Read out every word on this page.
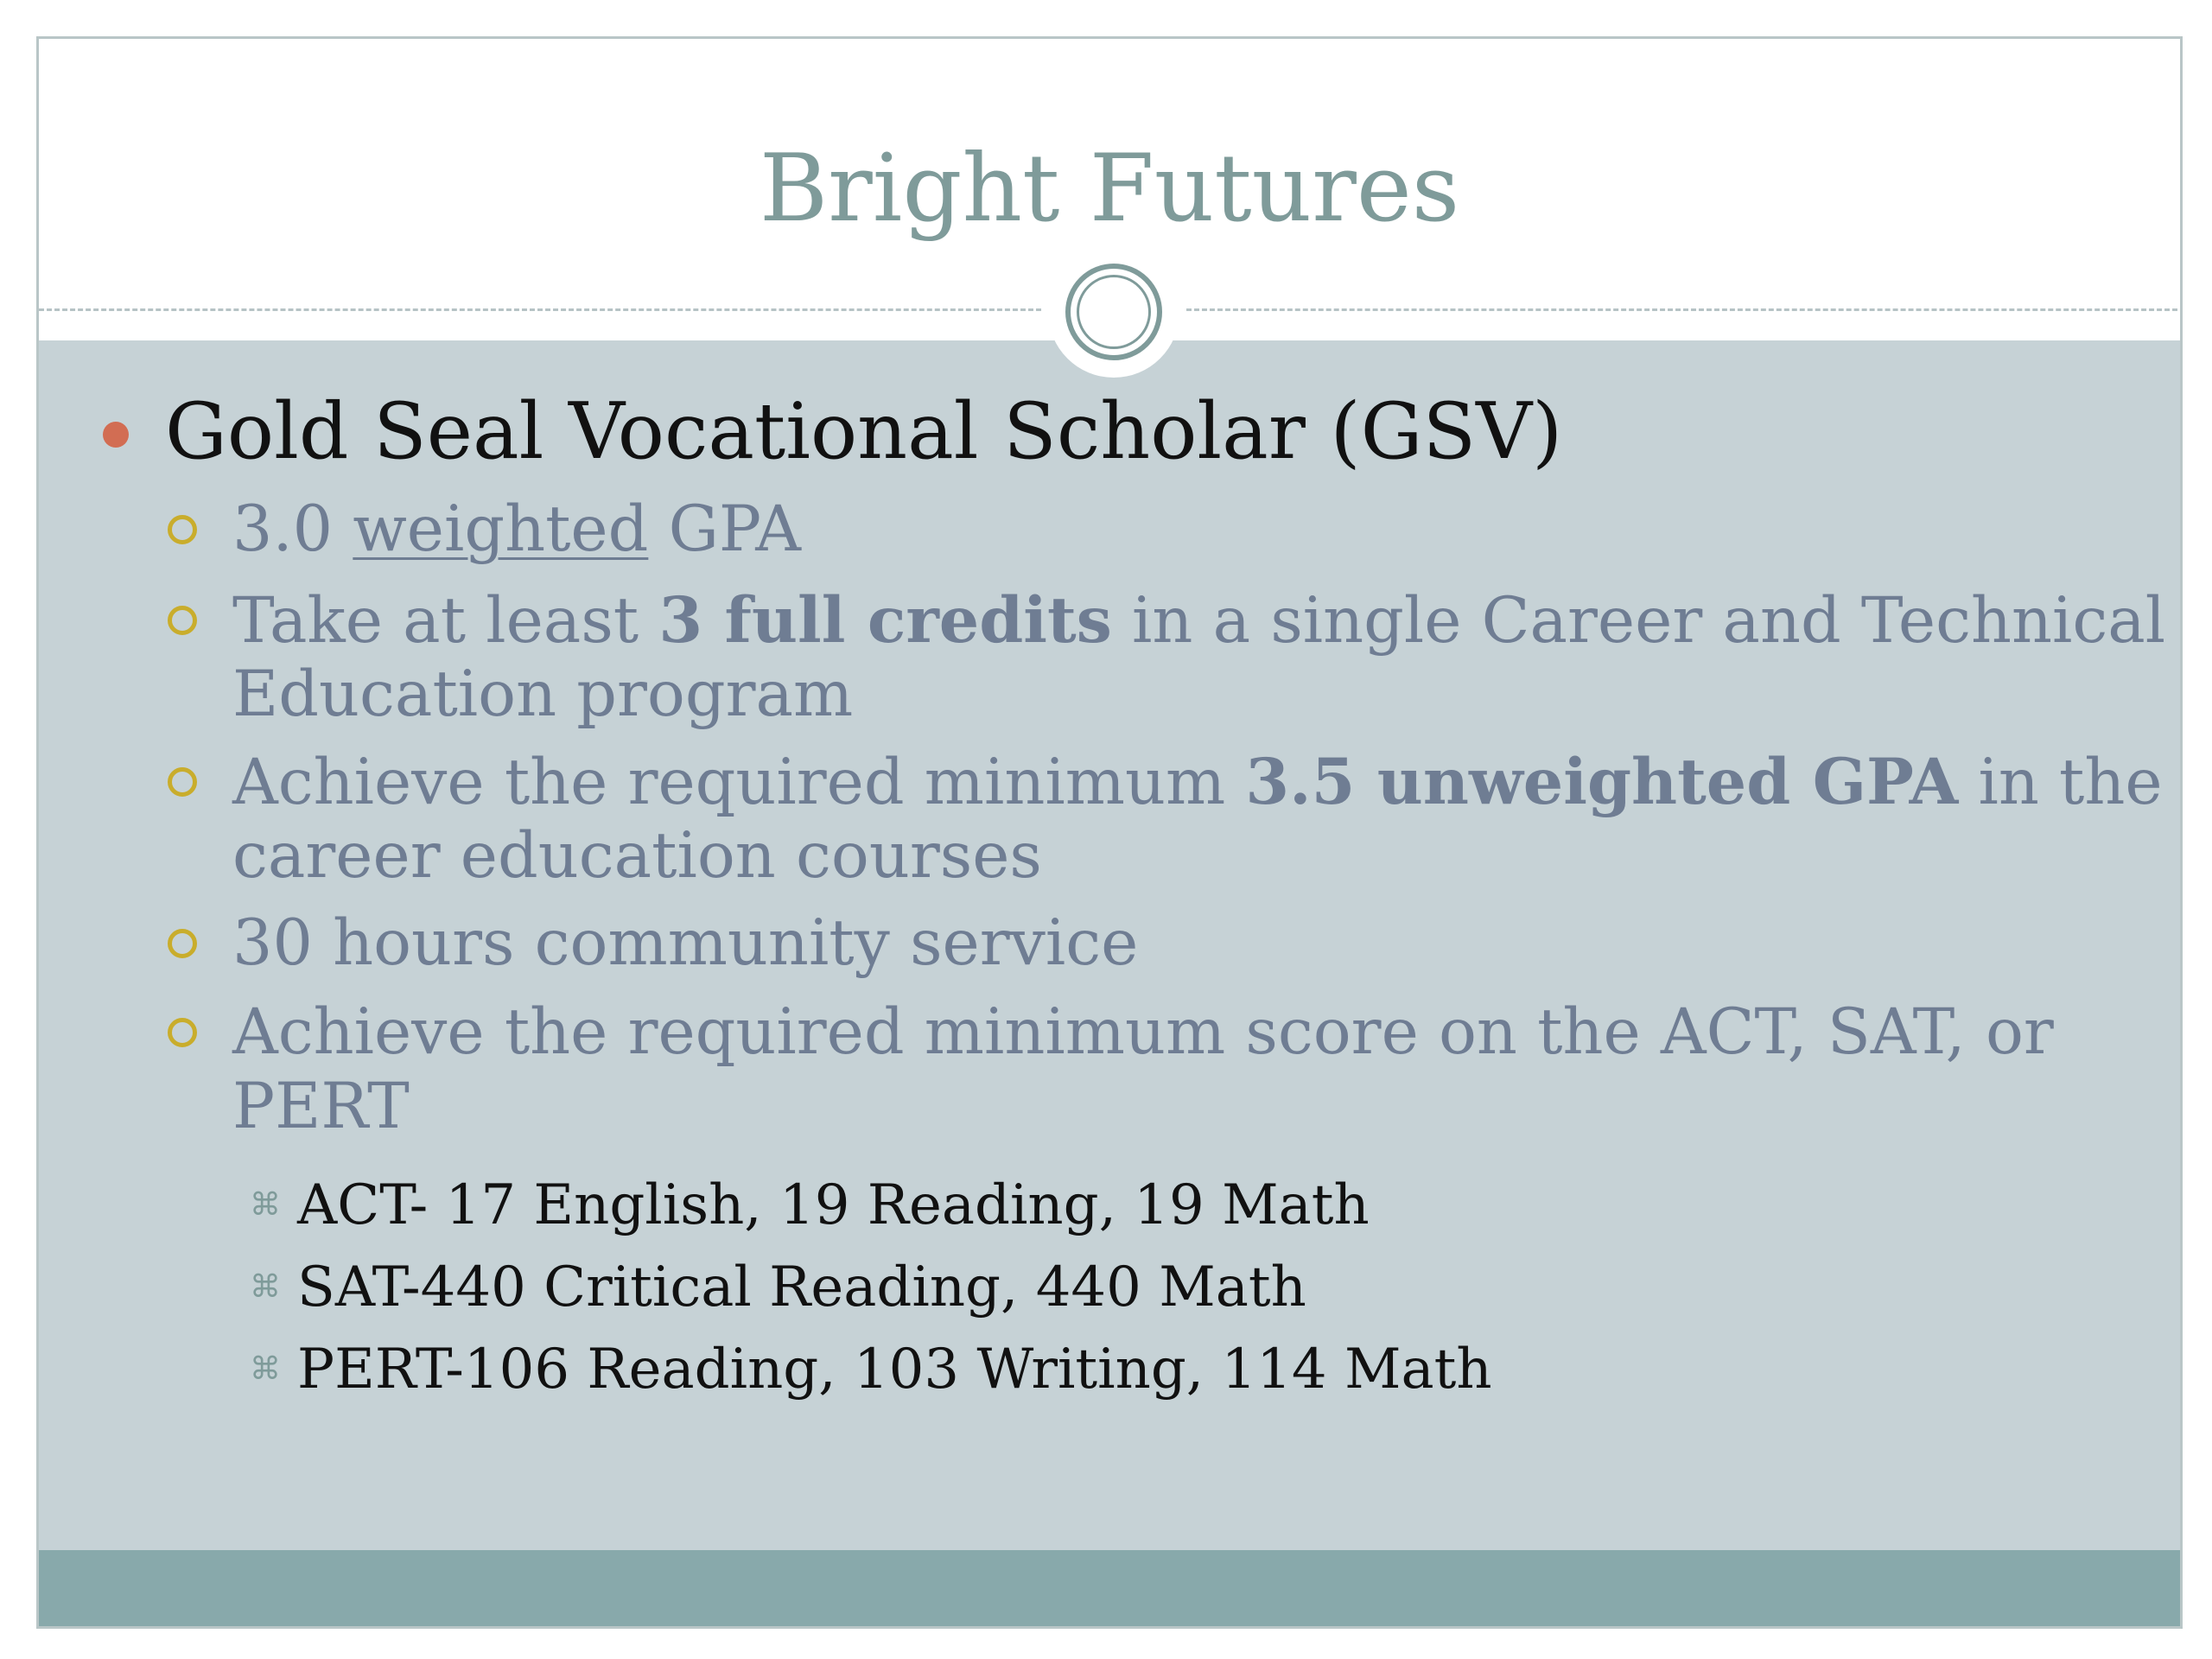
Bright Futures
Gold Seal Vocational Scholar (GSV)
3.0 weighted GPA
Take at least 3 full credits in a single Career and Technical
Education program
Achieve the required minimum 3.5 unweighted GPA in the
career education courses
30 hours community service
Achieve the required minimum score on the ACT, SAT, or
PERT
⌘ ACT- 17 English, 19 Reading, 19 Math
⌘ SAT-440 Critical Reading, 440 Math
⌘ PERT-106 Reading, 103 Writing, 114 Math
